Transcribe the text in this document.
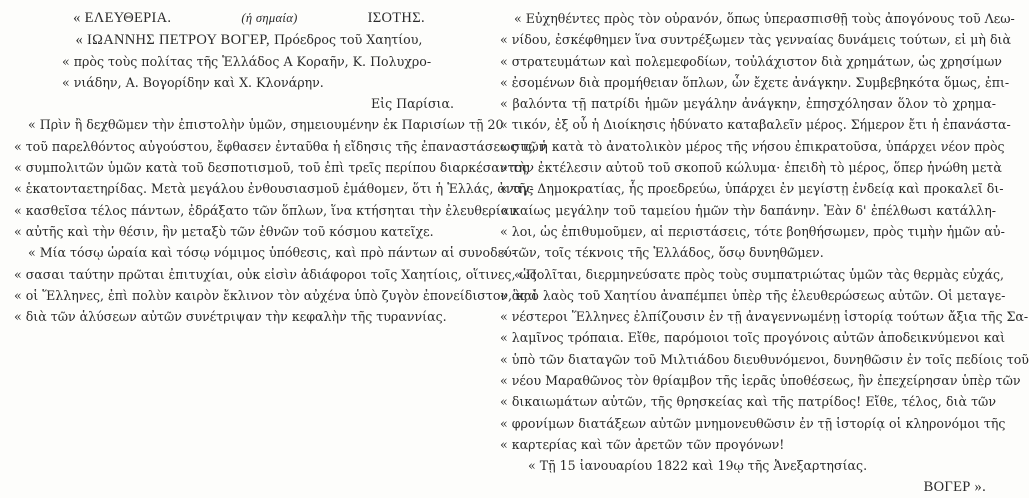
« ΕΛΕΥΘΕΡΙΑ.	(ἡ σημαία)	ΙΣΟΤΗΣ.
« ΙΩΑΝΝΗΣ ΠΕΤΡΟΥ ΒΟΓΕΡ, Πρόεδρος τοῦ Χαητίου,
« πρὸς τοὺς πολίτας τῆς Ἑλλάδος Α Κοραῆν, Κ. Πολυχρο-
« νιάδην, Α. Βογορίδην καὶ Χ. Κλονάρην.
Εἰς Παρίσια.
« Πρὶν ἢ δεχθῶμεν τὴν ἐπιστολὴν ὑμῶν, σημειουμένην ἐκ Παρισίων τῇ 20
« τοῦ παρελθόντος αὐγούστου, ἔφθασεν ἐνταῦθα ἡ εἴδησις τῆς ἐπαναστάσεως τῶν
« συμπολιτῶν ὑμῶν κατὰ τοῦ δεσποτισμοῦ, τοῦ ἐπὶ τρεῖς περίπου διαρκέσαντος
« ἑκατονταετηρίδας. Μετὰ μεγάλου ἐνθουσιασμοῦ ἐμάθομεν, ὅτι ἡ Ἑλλάς, ἀναγ-
« κασθεῖσα τέλος πάντων, ἐδράξατο τῶν ὅπλων, ἵνα κτήσηται τὴν ἐλευθερίαν
« αὐτῆς καὶ τὴν θέσιν, ἣν μεταξὺ τῶν ἐθνῶν τοῦ κόσμου κατεῖχε.
« Μία τόσῳ ὡραία καὶ τόσῳ νόμιμος ὑπόθεσις, καὶ πρὸ πάντων αἱ συνοδεύ-
« σασαι ταύτην πρῶται ἐπιτυχίαι, οὐκ εἰσὶν ἀδιάφοροι τοῖς Χαητίοις, οἵτινες, ὡς
« οἱ Ἕλληνες, ἐπὶ πολὺν καιρὸν ἔκλινον τὸν αὐχένα ὑπὸ ζυγὸν ἐπονείδιστον, καὶ
« διὰ τῶν ἁλύσεων αὐτῶν συνέτριψαν τὴν κεφαλὴν τῆς τυραννίας.
« Εὐχηθέντες πρὸς τὸν οὐρανόν, ὅπως ὑπερασπισθῇ τοὺς ἀπογόνους τοῦ Λεω-
« νίδου, ἐσκέφθημεν ἵνα συντρέξωμεν τὰς γενναίας δυνάμεις τούτων, εἰ μὴ διὰ
« στρατευμάτων καὶ πολεμεφοδίων, τοὐλάχιστον διὰ χρημάτων, ὡς χρησίμων
« ἐσομένων διὰ προμήθειαν ὅπλων, ὧν ἔχετε ἀνάγκην. Συμβεβηκότα ὅμως, ἐπι-
« βαλόντα τῇ πατρίδι ἡμῶν μεγάλην ἀνάγκην, ἐπησχόλησαν ὅλον τὸ χρημα-
« τικόν, ἐξ οὗ ἡ Διοίκησις ἠδύνατο καταβαλεῖν μέρος. Σήμερον ἔτι ἡ ἐπανάστα-
« σις, ἡ κατὰ τὸ ἀνατολικὸν μέρος τῆς νήσου ἐπικρατοῦσα, ὑπάρχει νέον πρὸς
« τὴν ἐκτέλεσιν αὐτοῦ τοῦ σκοποῦ κώλυμα· ἐπειδὴ τὸ μέρος, ὅπερ ἡνώθη μετὰ
« τῆς Δημοκρατίας, ἧς προεδρεύω, ὑπάρχει ἐν μεγίστῃ ἐνδείᾳ καὶ προκαλεῖ δι-
« καίως μεγάλην τοῦ ταμείου ἡμῶν τὴν δαπάνην. Ἐὰν δ' ἐπέλθωσι κατάλλη-
« λοι, ὡς ἐπιθυμοῦμεν, αἱ περιστάσεις, τότε βοηθήσωμεν, πρὸς τιμὴν ἡμῶν αὐ-
« τῶν, τοῖς τέκνοις τῆς Ἑλλάδος, ὅσῳ δυνηθῶμεν.
« Πολῖται, διερμηνεύσατε πρὸς τοὺς συμπατριώτας ὑμῶν τὰς θερμὰς εὐχάς,
« ἃς ὁ λαὸς τοῦ Χαητίου ἀναπέμπει ὑπὲρ τῆς ἐλευθερώσεως αὐτῶν. Οἱ μεταγε-
« νέστεροι Ἕλληνες ἐλπίζουσιν ἐν τῇ ἀναγεννωμένῃ ἱστορίᾳ τούτων ἄξια τῆς Σα-
« λαμῖνος τρόπαια. Εἴθε, παρόμοιοι τοῖς προγόνοις αὐτῶν ἀποδεικνύμενοι καὶ
« ὑπὸ τῶν διαταγῶν τοῦ Μιλτιάδου διευθυνόμενοι, δυνηθῶσιν ἐν τοῖς πεδίοις τοῦ
« νέου Μαραθῶνος τὸν θρίαμβον τῆς ἱερᾶς ὑποθέσεως, ἣν ἐπεχείρησαν ὑπὲρ τῶν
« δικαιωμάτων αὐτῶν, τῆς θρησκείας καὶ τῆς πατρίδος! Εἴθε, τέλος, διὰ τῶν
« φρονίμων διατάξεων αὐτῶν μνημονευθῶσιν ἐν τῇ ἱστορίᾳ οἱ κληρονόμοι τῆς
« καρτερίας καὶ τῶν ἀρετῶν τῶν προγόνων!
« Τῇ 15 ἰανουαρίου 1822 καὶ 19ῳ τῆς Ἀνεξαρτησίας.
ΒΟΓΕΡ ».
